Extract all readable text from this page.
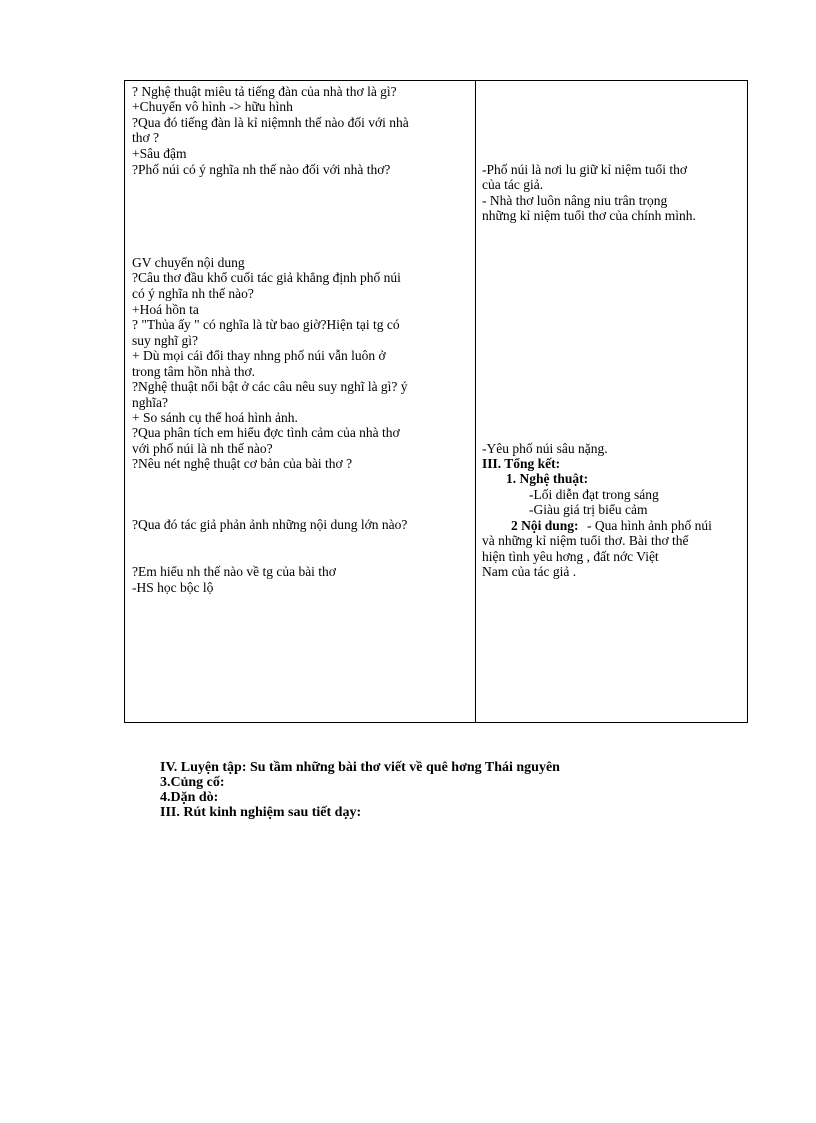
? Nghệ thuật miêu tả tiếng đàn của nhà thơ là gì?
+Chuyển vô hình -> hữu hình
?Qua đó tiếng đàn là kỉ niệmnh thế nào đối với nhà
thơ ?
+Sâu đậm
?Phố núi có ý nghĩa nh thế nào đối với nhà thơ?
GV chuyển nội dung
?Câu thơ đầu khổ cuối tác giả khẳng định phố núi
có ý nghĩa nh thế nào?
+Hoá hồn ta
? "Thủa ấy " có nghĩa là từ bao giờ?Hiện tại tg có
suy nghĩ gì?
+ Dù mọi cái đổi thay nhng phố núi vẫn luôn ở
trong tâm hồn nhà thơ.
?Nghệ thuật nổi bật ở các câu nêu suy nghĩ là gì? ý
nghĩa?
+ So sánh cụ thể hoá hình ảnh.
?Qua phân tích em hiểu đợc tình cảm của nhà thơ
với phố núi là nh thế nào?
?Nêu nét nghệ thuật cơ bản của bài thơ ?
?Qua đó tác giả phản ảnh những nội dung lớn nào?
?Em hiểu nh thế nào về tg của bài thơ
-HS học bộc lộ
-Phố núi là nơi lu giữ kỉ niệm tuổi thơ
của tác giả.
- Nhà thơ luôn nâng niu trân trọng
những kỉ niệm tuổi thơ của chính mình.
-Yêu phố núi sâu nặng.
III. Tổng kết:
1. Nghệ thuật:
-Lối diễn đạt trong sáng
-Giàu giá trị biểu cảm
2 Nội dung: - Qua hình ảnh phố núi
và những kỉ niệm tuổi thơ. Bài thơ thể
hiện tình yêu hơng , đất nớc Việt
Nam của tác giả .
IV. Luyện tập: Su tầm những bài thơ viết về quê hơng Thái nguyên
3.Củng cố:
4.Dặn dò:
III. Rút kinh nghiệm sau tiết dạy:
